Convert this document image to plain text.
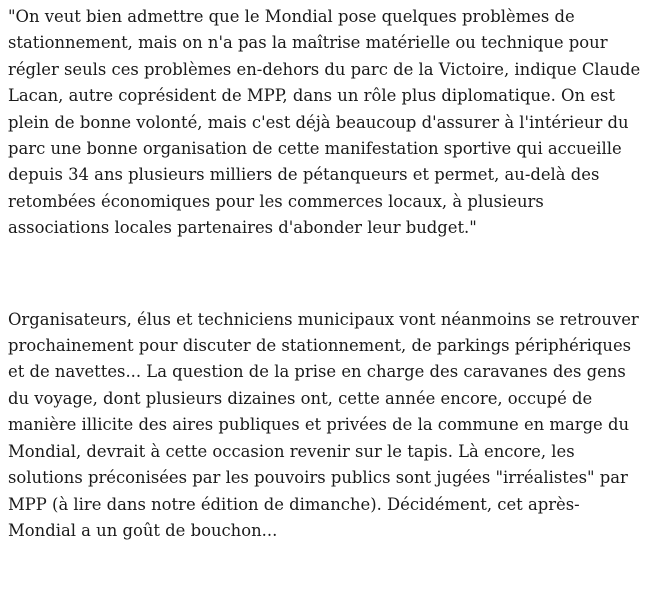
"On veut bien admettre que le Mondial pose quelques problèmes de stationnement, mais on n'a pas la maîtrise matérielle ou technique pour régler seuls ces problèmes en-dehors du parc de la Victoire, indique Claude Lacan, autre coprésident de MPP, dans un rôle plus diplomatique. On est plein de bonne volonté, mais c'est déjà beaucoup d'assurer à l'intérieur du parc une bonne organisation de cette manifestation sportive qui accueille depuis 34 ans plusieurs milliers de pétanqueurs et permet, au-delà des retombées économiques pour les commerces locaux, à plusieurs associations locales partenaires d'abonder leur budget."

Organisateurs, élus et techniciens municipaux vont néanmoins se retrouver prochainement pour discuter de stationnement, de parkings périphériques et de navettes... La question de la prise en charge des caravanes des gens du voyage, dont plusieurs dizaines ont, cette année encore, occupé de manière illicite des aires publiques et privées de la commune en marge du Mondial, devrait à cette occasion revenir sur le tapis. Là encore, les solutions préconisées par les pouvoirs publics sont jugées "irréalistes" par MPP (à lire dans notre édition de dimanche). Décidément, cet après-Mondial a un goût de bouchon...
